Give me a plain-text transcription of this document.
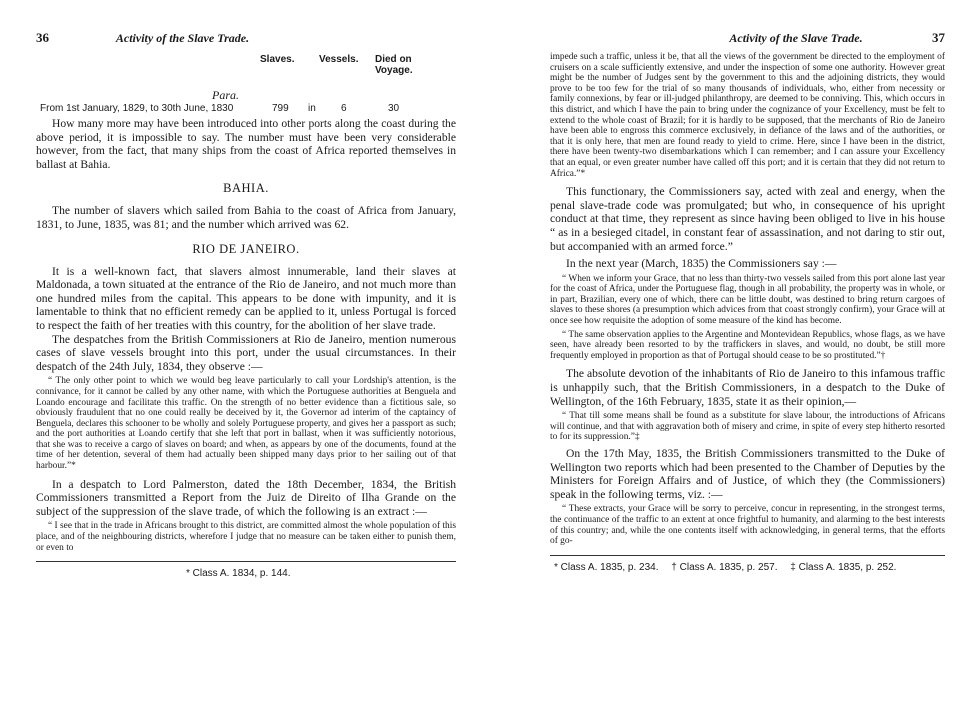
36	Activity of the Slave Trade.
Slaves. Vessels. Died on Voyage.
Para.
From 1st January, 1829, to 30th June, 1830	799 in	6	30

How many more may have been introduced into other ports along the coast during the above period, it is impossible to say. The number must have been very considerable however, from the fact, that many ships from the coast of Africa reported themselves in ballast at Bahia.

BAHIA.

The number of slavers which sailed from Bahia to the coast of Africa from January, 1831, to June, 1835, was 81; and the number which arrived was 62.

RIO DE JANEIRO.

It is a well-known fact, that slavers almost innumerable, land their slaves at Maldonada, a town situated at the entrance of the Rio de Janeiro, and not much more than one hundred miles from the capital. This appears to be done with impunity, and it is lamentable to think that no efficient remedy can be applied to it, unless Portugal is forced to respect the faith of her treaties with this country, for the abolition of her slave trade.

The despatches from the British Commissioners at Rio de Janeiro, mention numerous cases of slave vessels brought into this port, under the usual circumstances. In their despatch of the 24th July, 1834, they observe :—

“ The only other point to which we would beg leave particularly to call your Lordship's attention, is the connivance, for it cannot be called by any other name, with which the Portuguese authorities at Benguela and Loando encourage and facilitate this traffic. On the strength of no better evidence than a fictitious sale, so obviously fraudulent that no one could really be deceived by it, the Governor ad interim of the captaincy of Benguela, declares this schooner to be wholly and solely Portuguese property, and gives her a passport as such; and the port authorities at Loando certify that she left that port in ballast, when it was sufficiently notorious, that she was to receive a cargo of slaves on board; and when, as appears by one of the documents, found at the time of her detention, several of them had actually been shipped many days prior to her sailing out of that harbour.”*

In a despatch to Lord Palmerston, dated the 18th December, 1834, the British Commissioners transmitted a Report from the Juiz de Direito of Ilha Grande on the subject of the suppression of the slave trade, of which the following is an extract :—

“ I see that in the trade in Africans brought to this district, are committed almost the whole population of this place, and of the neighbouring districts, wherefore I judge that no measure can be taken either to punish them, or even to

* Class A. 1834, p. 144.
Activity of the Slave Trade.	37

impede such a traffic, unless it be, that all the views of the government be directed to the employment of cruisers on a scale sufficiently extensive, and under the inspection of some one authority. However great might be the number of Judges sent by the government to this and the adjoining districts, they would prove to be too few for the trial of so many thousands of individuals, who, either from necessity or family connexions, by fear or ill-judged philanthropy, are deemed to be conniving. This, which occurs in this district, and which I have the pain to bring under the cognizance of your Excellency, must be felt to extend to the whole coast of Brazil; for it is hardly to be supposed, that the merchants of Rio de Janeiro have been able to engross this commerce exclusively, in defiance of the laws and of the authorities, or that it is only here, that men are found ready to yield to crime. Here, since I have been in the district, there have been twenty-two disembarkations which I can remember; and I can assure your Excellency that an equal, or even greater number have called off this port; and it is certain that they did not return to Africa.”*

This functionary, the Commissioners say, acted with zeal and energy, when the penal slave-trade code was promulgated; but who, in consequence of his upright conduct at that time, they represent as since having been obliged to live in his house “ as in a besieged citadel, in constant fear of assassination, and not daring to stir out, but accompanied with an armed force.”

In the next year (March, 1835) the Commissioners say :—

“ When we inform your Grace, that no less than thirty-two vessels sailed from this port alone last year for the coast of Africa, under the Portuguese flag, though in all probability, the property was in whole, or in part, Brazilian, every one of which, there can be little doubt, was destined to bring return cargoes of slaves to these shores (a presumption which advices from that coast strongly confirm), your Grace will at once see how requisite the adoption of some measure of the kind has become.

“ The same observation applies to the Argentine and Montevidean Republics, whose flags, as we have seen, have already been resorted to by the traffickers in slaves, and would, no doubt, be still more frequently employed in proportion as that of Portugal should cease to be so prostituted.”†

The absolute devotion of the inhabitants of Rio de Janeiro to this infamous traffic is unhappily such, that the British Commissioners, in a despatch to the Duke of Wellington, of the 16th February, 1835, state it as their opinion,—

“ That till some means shall be found as a substitute for slave labour, the introductions of Africans will continue, and that with aggravation both of misery and crime, in spite of every step hitherto resorted to for its suppression.”‡

On the 17th May, 1835, the British Commissioners transmitted to the Duke of Wellington two reports which had been presented to the Chamber of Deputies by the Ministers for Foreign Affairs and of Justice, of which they (the Commissioners) speak in the following terms, viz. :—

“ These extracts, your Grace will be sorry to perceive, concur in representing, in the strongest terms, the continuance of the traffic to an extent at once frightful to humanity, and alarming to the best interests of this country; and, while the one contents itself with acknowledging, in general terms, that the efforts of go-

* Class A. 1835, p. 234. † Class A. 1835, p. 257. ‡ Class A. 1835, p. 252.
